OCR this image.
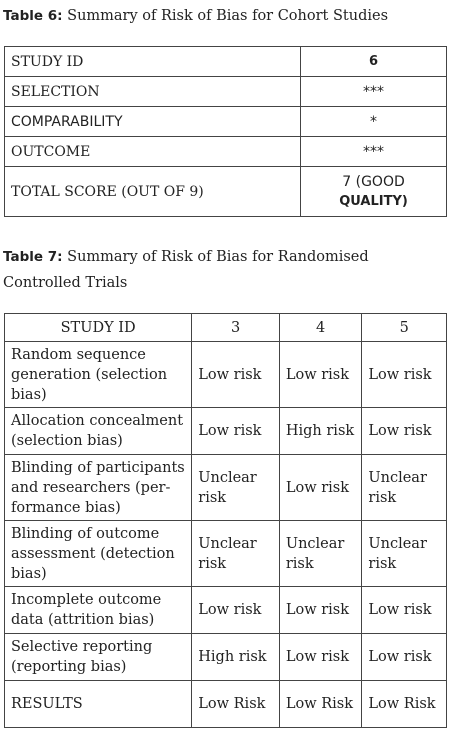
Table 6: Summary of Risk of Bias for Cohort Studies
STUDY ID	6
SELECTION	***
COMPARABILITY	*
OUTCOME	***
TOTAL SCORE (OUT OF 9)	7 (GOOD
QUALITY)
Table 7: Summary of Risk of Bias for Randomised
Controlled Trials
STUDY ID	3	4	5

Random sequence
generation (selection
bias)	Low risk	Low risk	Low risk

Allocation concealment
(selection bias)	Low risk	High risk	Low risk

Blinding of participants
and researchers (per-
formance bias)	Unclear risk	Low risk	Unclear risk

Blinding of outcome
assessment (detection
bias)	Unclear risk	Unclear risk	Unclear risk

Incomplete outcome
data (attrition bias)	Low risk	Low risk	Low risk

Selective reporting
(reporting bias)	High risk	Low risk	Low risk

RESULTS	Low Risk	Low Risk	Low Risk
